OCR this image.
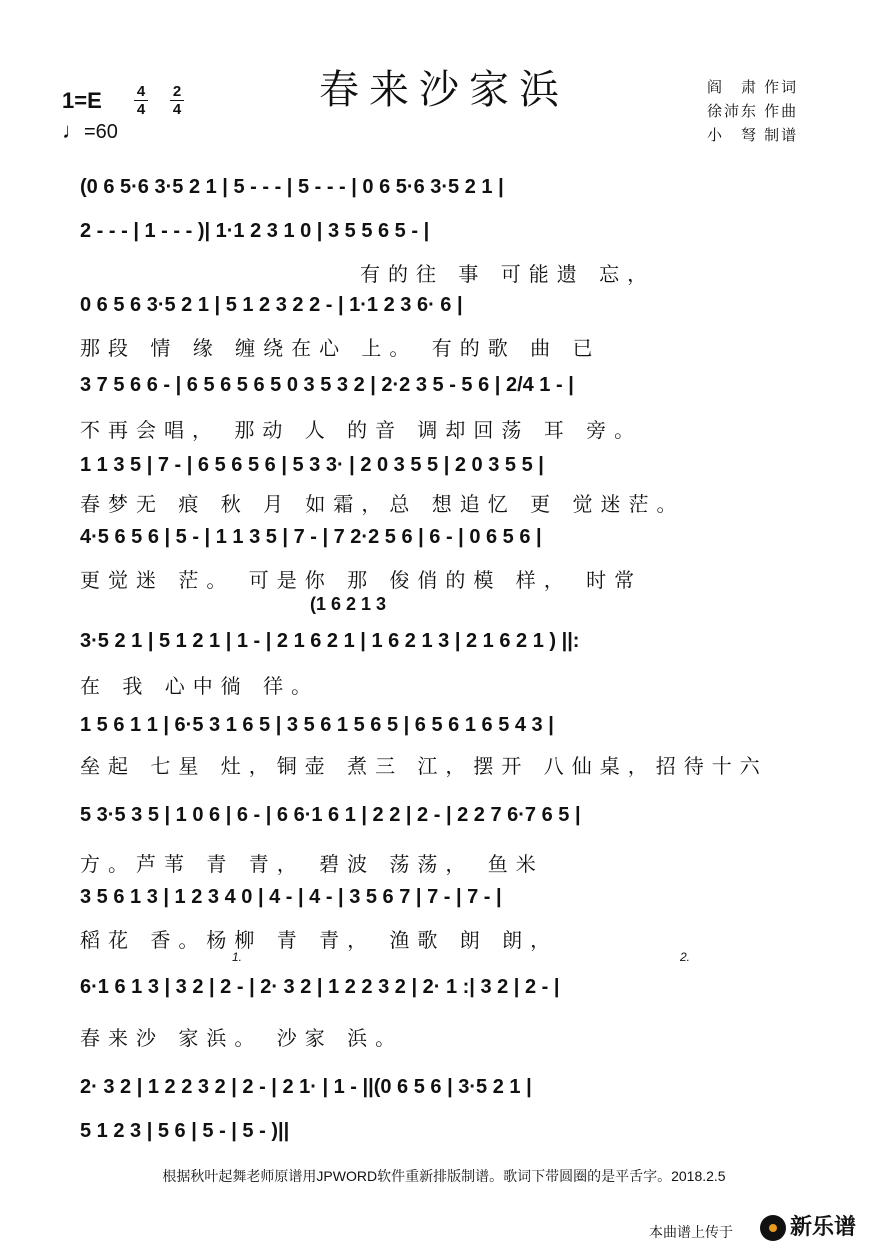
春来沙家浜
1=E 4
4
2
4
♩=60
阎　肃 作词
徐沛东 作曲
小　弩 制谱
(0 6 5·6 3·5 2 1 | 5 - - - | 5 - - - | 0 6 5·6 3·5 2 1 |
2 - - - | 1 - - - )| 1·1 2 3 1 0 | 3 5 5 6 5 - |
有的往 事 可能遗 忘，
0 6 5 6 3·5 2 1 | 5 1 2 3 2 2 - | 1·1 2 3 6· 6 |
那段 情 缘 缠绕在心 上。 有的歌 曲 已
3 7 5 6 6 - | 6 5 6 5 6 5 0 3 5 3 2 | 2·2 3 5 - 5 6 | 2/4 1 - |
不再会唱， 那动 人 的音 调却回荡 耳 旁。
1 1 3 5 | 7 - | 6 5 6 5 6 | 5 3 3· | 2 0 3 5 5 | 2 0 3 5 5 |
春梦无 痕 秋 月 如霜，总 想追忆 更 觉迷茫。
4·5 6 5 6 | 5 - | 1 1 3 5 | 7 - | 7 2·2 5 6 | 6 - | 0 6 5 6 |
更觉迷 茫。 可是你 那 俊俏的模 样， 时常
(1 6 2 1 3
3·5 2 1 | 5 1 2 1 | 1 - | 2 1 6 2 1 | 1 6 2 1 3 | 2 1 6 2 1 ) ||:
在 我 心中徜 徉。
1 5 6 1 1 | 6·5 3 1 6 5 | 3 5 6 1 5 6 5 | 6 5 6 1 6 5 4 3 |
垒起 七星 灶，铜壶 煮三 江，摆开 八仙桌，招待十六
5 3·5 3 5 | 1 0 6 | 6 - | 6 6·1 6 1 | 2 2 | 2 - | 2 2 7 6·7 6 5 |
方。芦苇 青 青， 碧波 荡荡， 鱼米
3 5 6 1 3 | 1 2 3 4 0 | 4 - | 4 - | 3 5 6 7 | 7 - | 7 - |
稻花 香。杨柳 青 青， 渔歌 朗 朗，
1.	2.
6·1 6 1 3 | 3 2 | 2 - | 2· 3 2 | 1 2 2 3 2 | 2· 1 :| 3 2 | 2 - |
春来沙 家浜。 沙家 浜。
2· 3 2 | 1 2 2 3 2 | 2 - | 2 1· | 1 - ||(0 6 5 6 | 3·5 2 1 |
5 1 2 3 | 5 6 | 5 - | 5 - )||
根据秋叶起舞老师原谱用JPWORD软件重新排版制谱。歌词下带圆圈的是平舌字。2018.2.5
本曲谱上传于	新乐谱
